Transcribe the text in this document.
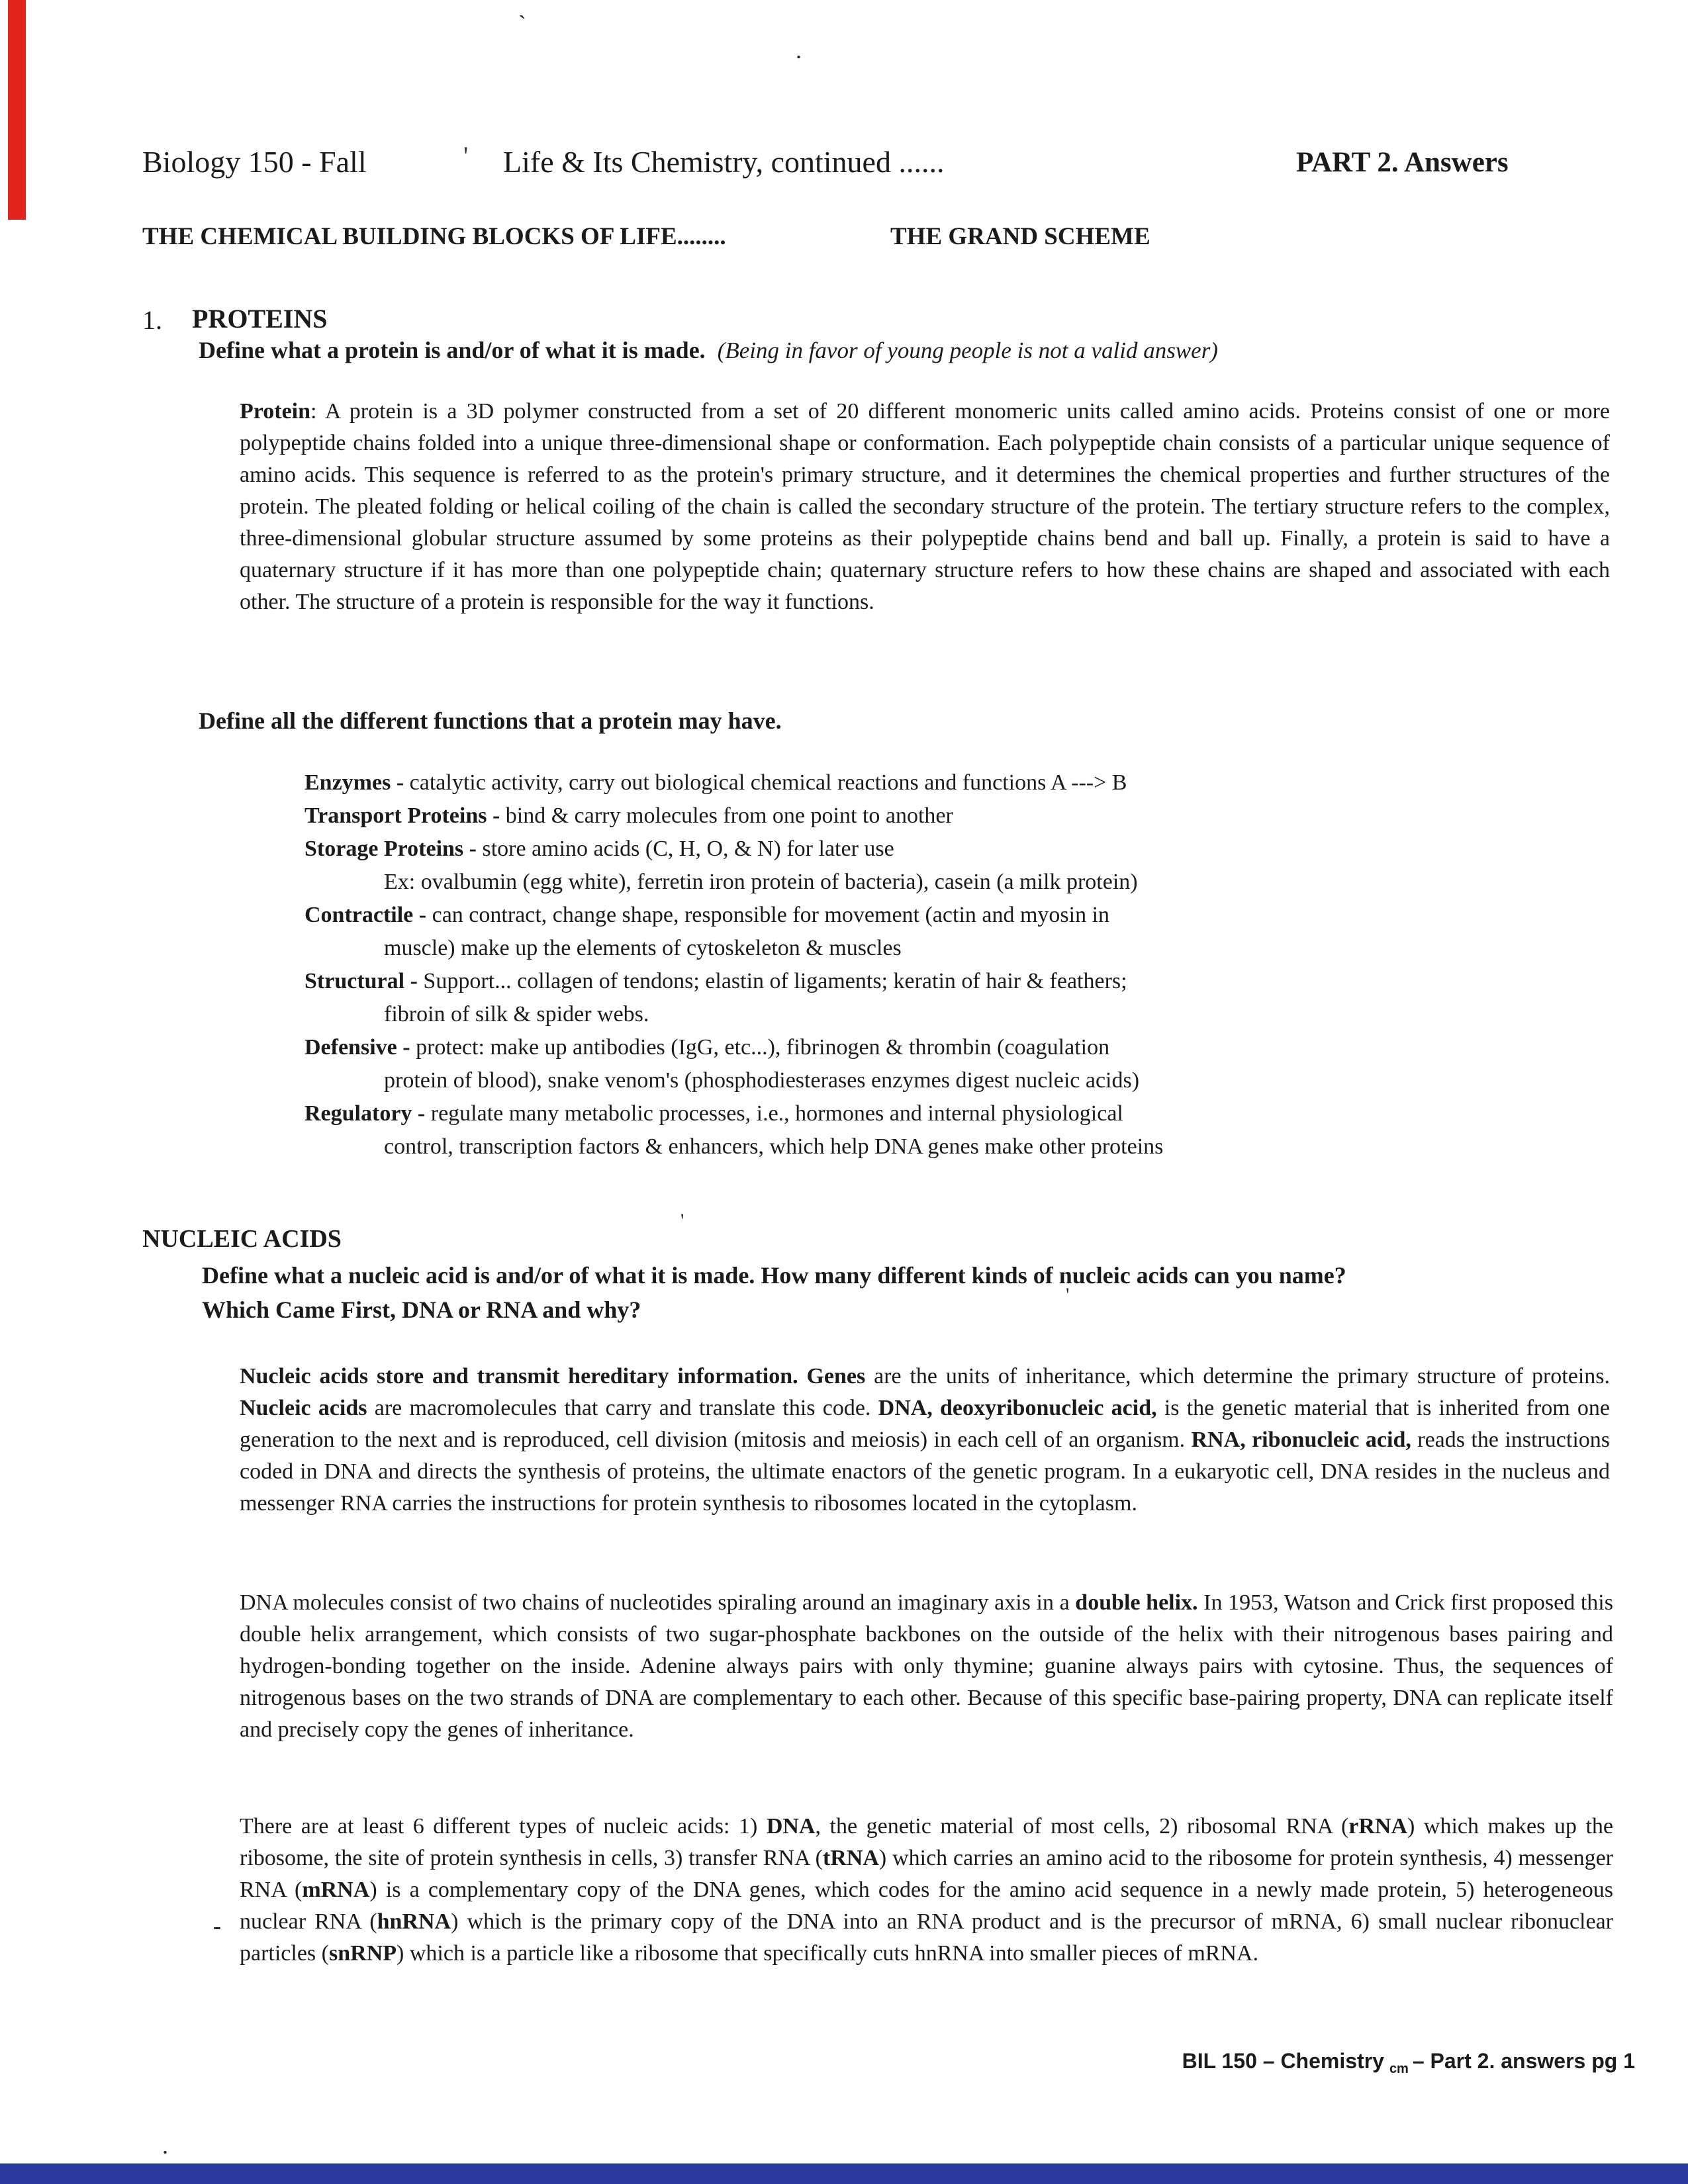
Biology 150 - Fall	' Life & Its Chemistry, continued ......	PART 2. Answers
THE CHEMICAL BUILDING BLOCKS OF LIFE........	THE GRAND SCHEME
1. PROTEINS
Define what a protein is and/or of what it is made. (Being in favor of young people is not a valid answer)
Protein: A protein is a 3D polymer constructed from a set of 20 different monomeric units called amino acids. Proteins consist of one or more polypeptide chains folded into a unique three-dimensional shape or conformation. Each polypeptide chain consists of a particular unique sequence of amino acids. This sequence is referred to as the protein's primary structure, and it determines the chemical properties and further structures of the protein. The pleated folding or helical coiling of the chain is called the secondary structure of the protein. The tertiary structure refers to the complex, three-dimensional globular structure assumed by some proteins as their polypeptide chains bend and ball up. Finally, a protein is said to have a quaternary structure if it has more than one polypeptide chain; quaternary structure refers to how these chains are shaped and associated with each other. The structure of a protein is responsible for the way it functions.
Define all the different functions that a protein may have.
Enzymes - catalytic activity, carry out biological chemical reactions and functions A ---> B
Transport Proteins - bind & carry molecules from one point to another
Storage Proteins - store amino acids (C, H, O, & N) for later use
Ex: ovalbumin (egg white), ferretin iron protein of bacteria), casein (a milk protein)
Contractile - can contract, change shape, responsible for movement (actin and myosin in
muscle) make up the elements of cytoskeleton & muscles
Structural - Support... collagen of tendons; elastin of ligaments; keratin of hair & feathers;
fibroin of silk & spider webs.
Defensive - protect: make up antibodies (IgG, etc...), fibrinogen & thrombin (coagulation
protein of blood), snake venom's (phosphodiesterases enzymes digest nucleic acids)
Regulatory - regulate many metabolic processes, i.e., hormones and internal physiological
control, transcription factors & enhancers, which help DNA genes make other proteins
NUCLEIC ACIDS
Define what a nucleic acid is and/or of what it is made. How many different kinds of nucleic acids can you name?
Which Came First, DNA or RNA and why?
Nucleic acids store and transmit hereditary information. Genes are the units of inheritance, which determine the primary structure of proteins. Nucleic acids are macromolecules that carry and translate this code. DNA, deoxyribonucleic acid, is the genetic material that is inherited from one generation to the next and is reproduced, cell division (mitosis and meiosis) in each cell of an organism. RNA, ribonucleic acid, reads the instructions coded in DNA and directs the synthesis of proteins, the ultimate enactors of the genetic program. In a eukaryotic cell, DNA resides in the nucleus and messenger RNA carries the instructions for protein synthesis to ribosomes located in the cytoplasm.
DNA molecules consist of two chains of nucleotides spiraling around an imaginary axis in a double helix. In 1953, Watson and Crick first proposed this double helix arrangement, which consists of two sugar-phosphate backbones on the outside of the helix with their nitrogenous bases pairing and hydrogen-bonding together on the inside. Adenine always pairs with only thymine; guanine always pairs with cytosine. Thus, the sequences of nitrogenous bases on the two strands of DNA are complementary to each other. Because of this specific base-pairing property, DNA can replicate itself and precisely copy the genes of inheritance.
There are at least 6 different types of nucleic acids: 1) DNA, the genetic material of most cells, 2) ribosomal RNA (rRNA) which makes up the ribosome, the site of protein synthesis in cells, 3) transfer RNA (tRNA) which carries an amino acid to the ribosome for protein synthesis, 4) messenger RNA (mRNA) is a complementary copy of the DNA genes, which codes for the amino acid sequence in a newly made protein, 5) heterogeneous nuclear RNA (hnRNA) which is the primary copy of the DNA into an RNA product and is the precursor of mRNA, 6) small nuclear ribonuclear particles (snRNP) which is a particle like a ribosome that specifically cuts hnRNA into smaller pieces of mRNA.
BIL 150 – Chemistry $_{cm}$ – Part 2. answers pg 1
`
.
'
'
-
.
